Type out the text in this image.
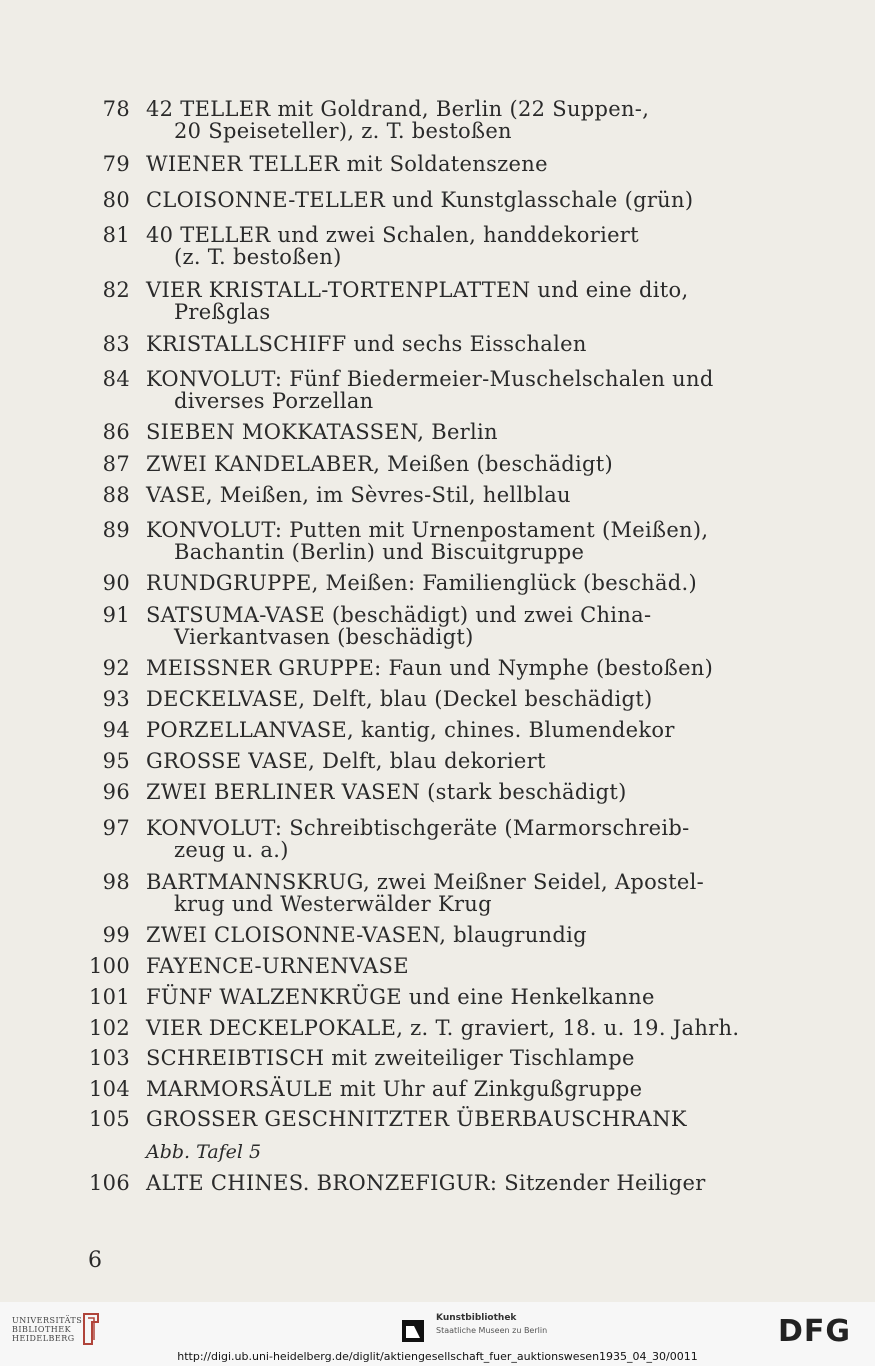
78 42 TELLER mit Goldrand, Berlin (22 Suppen-,
20 Speiseteller), z. T. bestoßen
79 WIENER TELLER mit Soldatenszene
80 CLOISONNE-TELLER und Kunstglasschale (grün)
81 40 TELLER und zwei Schalen, handdekoriert
(z. T. bestoßen)
82 VIER KRISTALL-TORTENPLATTEN und eine dito,
Preßglas
83 KRISTALLSCHIFF und sechs Eisschalen
84 KONVOLUT: Fünf Biedermeier-Muschelschalen und
diverses Porzellan
86 SIEBEN MOKKATASSEN, Berlin
87 ZWEI KANDELABER, Meißen (beschädigt)
88 VASE, Meißen, im Sèvres-Stil, hellblau
89 KONVOLUT: Putten mit Urnenpostament (Meißen),
Bachantin (Berlin) und Biscuitgruppe
90 RUNDGRUPPE, Meißen: Familienglück (beschäd.)
91 SATSUMA-VASE (beschädigt) und zwei China-
Vierkantvasen (beschädigt)
92 MEISSNER GRUPPE: Faun und Nymphe (bestoßen)
93 DECKELVASE, Delft, blau (Deckel beschädigt)
94 PORZELLANVASE, kantig, chines. Blumendekor
95 GROSSE VASE, Delft, blau dekoriert
96 ZWEI BERLINER VASEN (stark beschädigt)
97 KONVOLUT: Schreibtischgeräte (Marmorschreib-
zeug u. a.)
98 BARTMANNSKRUG, zwei Meißner Seidel, Apostel-
krug und Westerwälder Krug
99 ZWEI CLOISONNE-VASEN, blaugrundig
100 FAYENCE-URNENVASE
101 FÜNF WALZENKRÜGE und eine Henkelkanne
102 VIER DECKELPOKALE, z. T. graviert, 18. u. 19. Jahrh.
103 SCHREIBTISCH mit zweiteiliger Tischlampe
104 MARMORSÄULE mit Uhr auf Zinkgußgruppe
105 GROSSER GESCHNITZTER ÜBERBAUSCHRANK
Abb. Tafel 5
106 ALTE CHINES. BRONZEFIGUR: Sitzender Heiliger
6
UNIVERSITÄTS-
BIBLIOTHEK
HEIDELBERG
Kunstbibliothek
Staatliche Museen zu Berlin	DFG
http://digi.ub.uni-heidelberg.de/diglit/aktiengesellschaft_fuer_auktionswesen1935_04_30/0011
